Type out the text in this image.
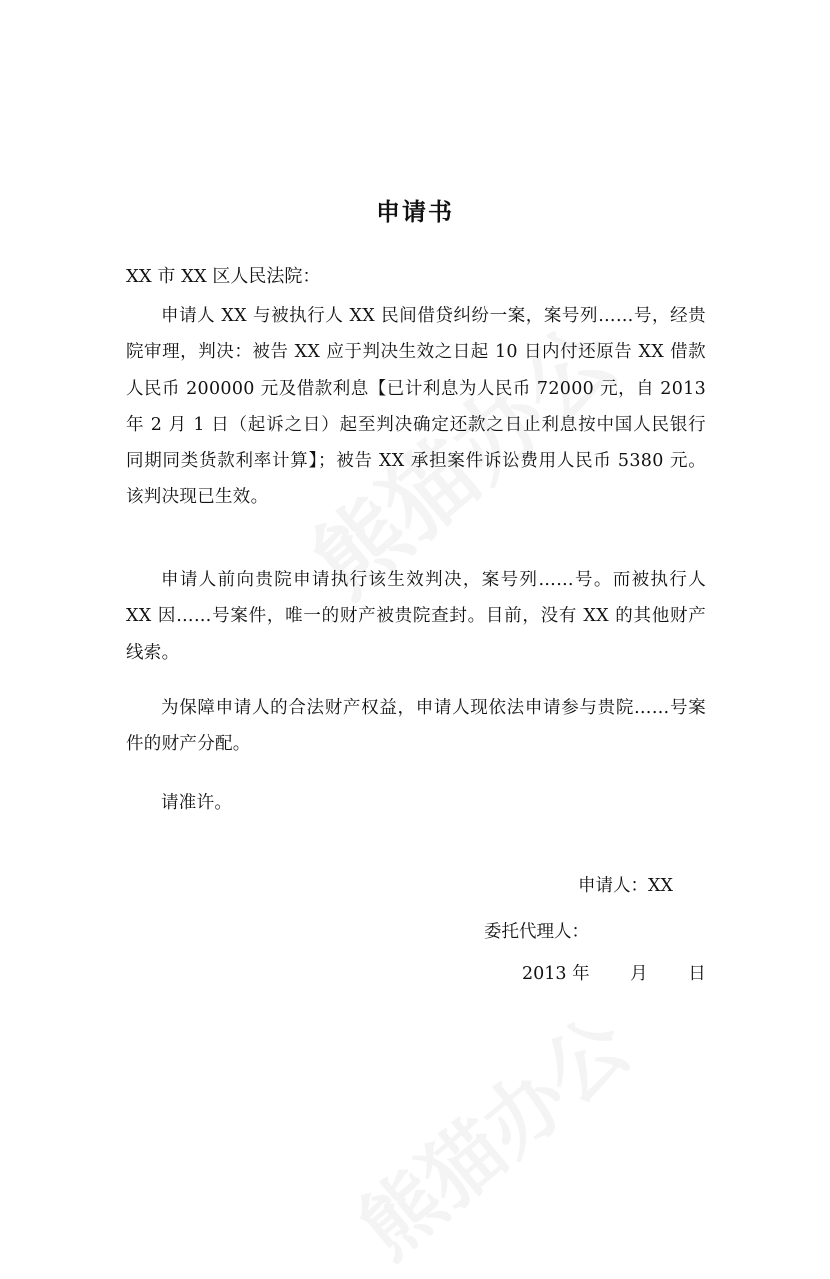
申请书
XX 市 XX 区人民法院：
申请人 XX 与被执行人 XX 民间借贷纠纷一案，案号列……号，经贵院审理，判决：被告 XX 应于判决生效之日起 10 日内付还原告 XX 借款人民币 200000 元及借款利息【已计利息为人民币 72000 元，自 2013 年 2 月 1 日（起诉之日）起至判决确定还款之日止利息按中国人民银行同期同类货款利率计算】；被告 XX 承担案件诉讼费用人民币 5380 元。该判决现已生效。
申请人前向贵院申请执行该生效判决，案号列……号。而被执行人 XX 因……号案件，唯一的财产被贵院查封。目前，没有 XX 的其他财产线索。
为保障申请人的合法财产权益，申请人现依法申请参与贵院……号案件的财产分配。
请准许。
申请人：XX
委托代理人：
2013 年　　 月　　 日
